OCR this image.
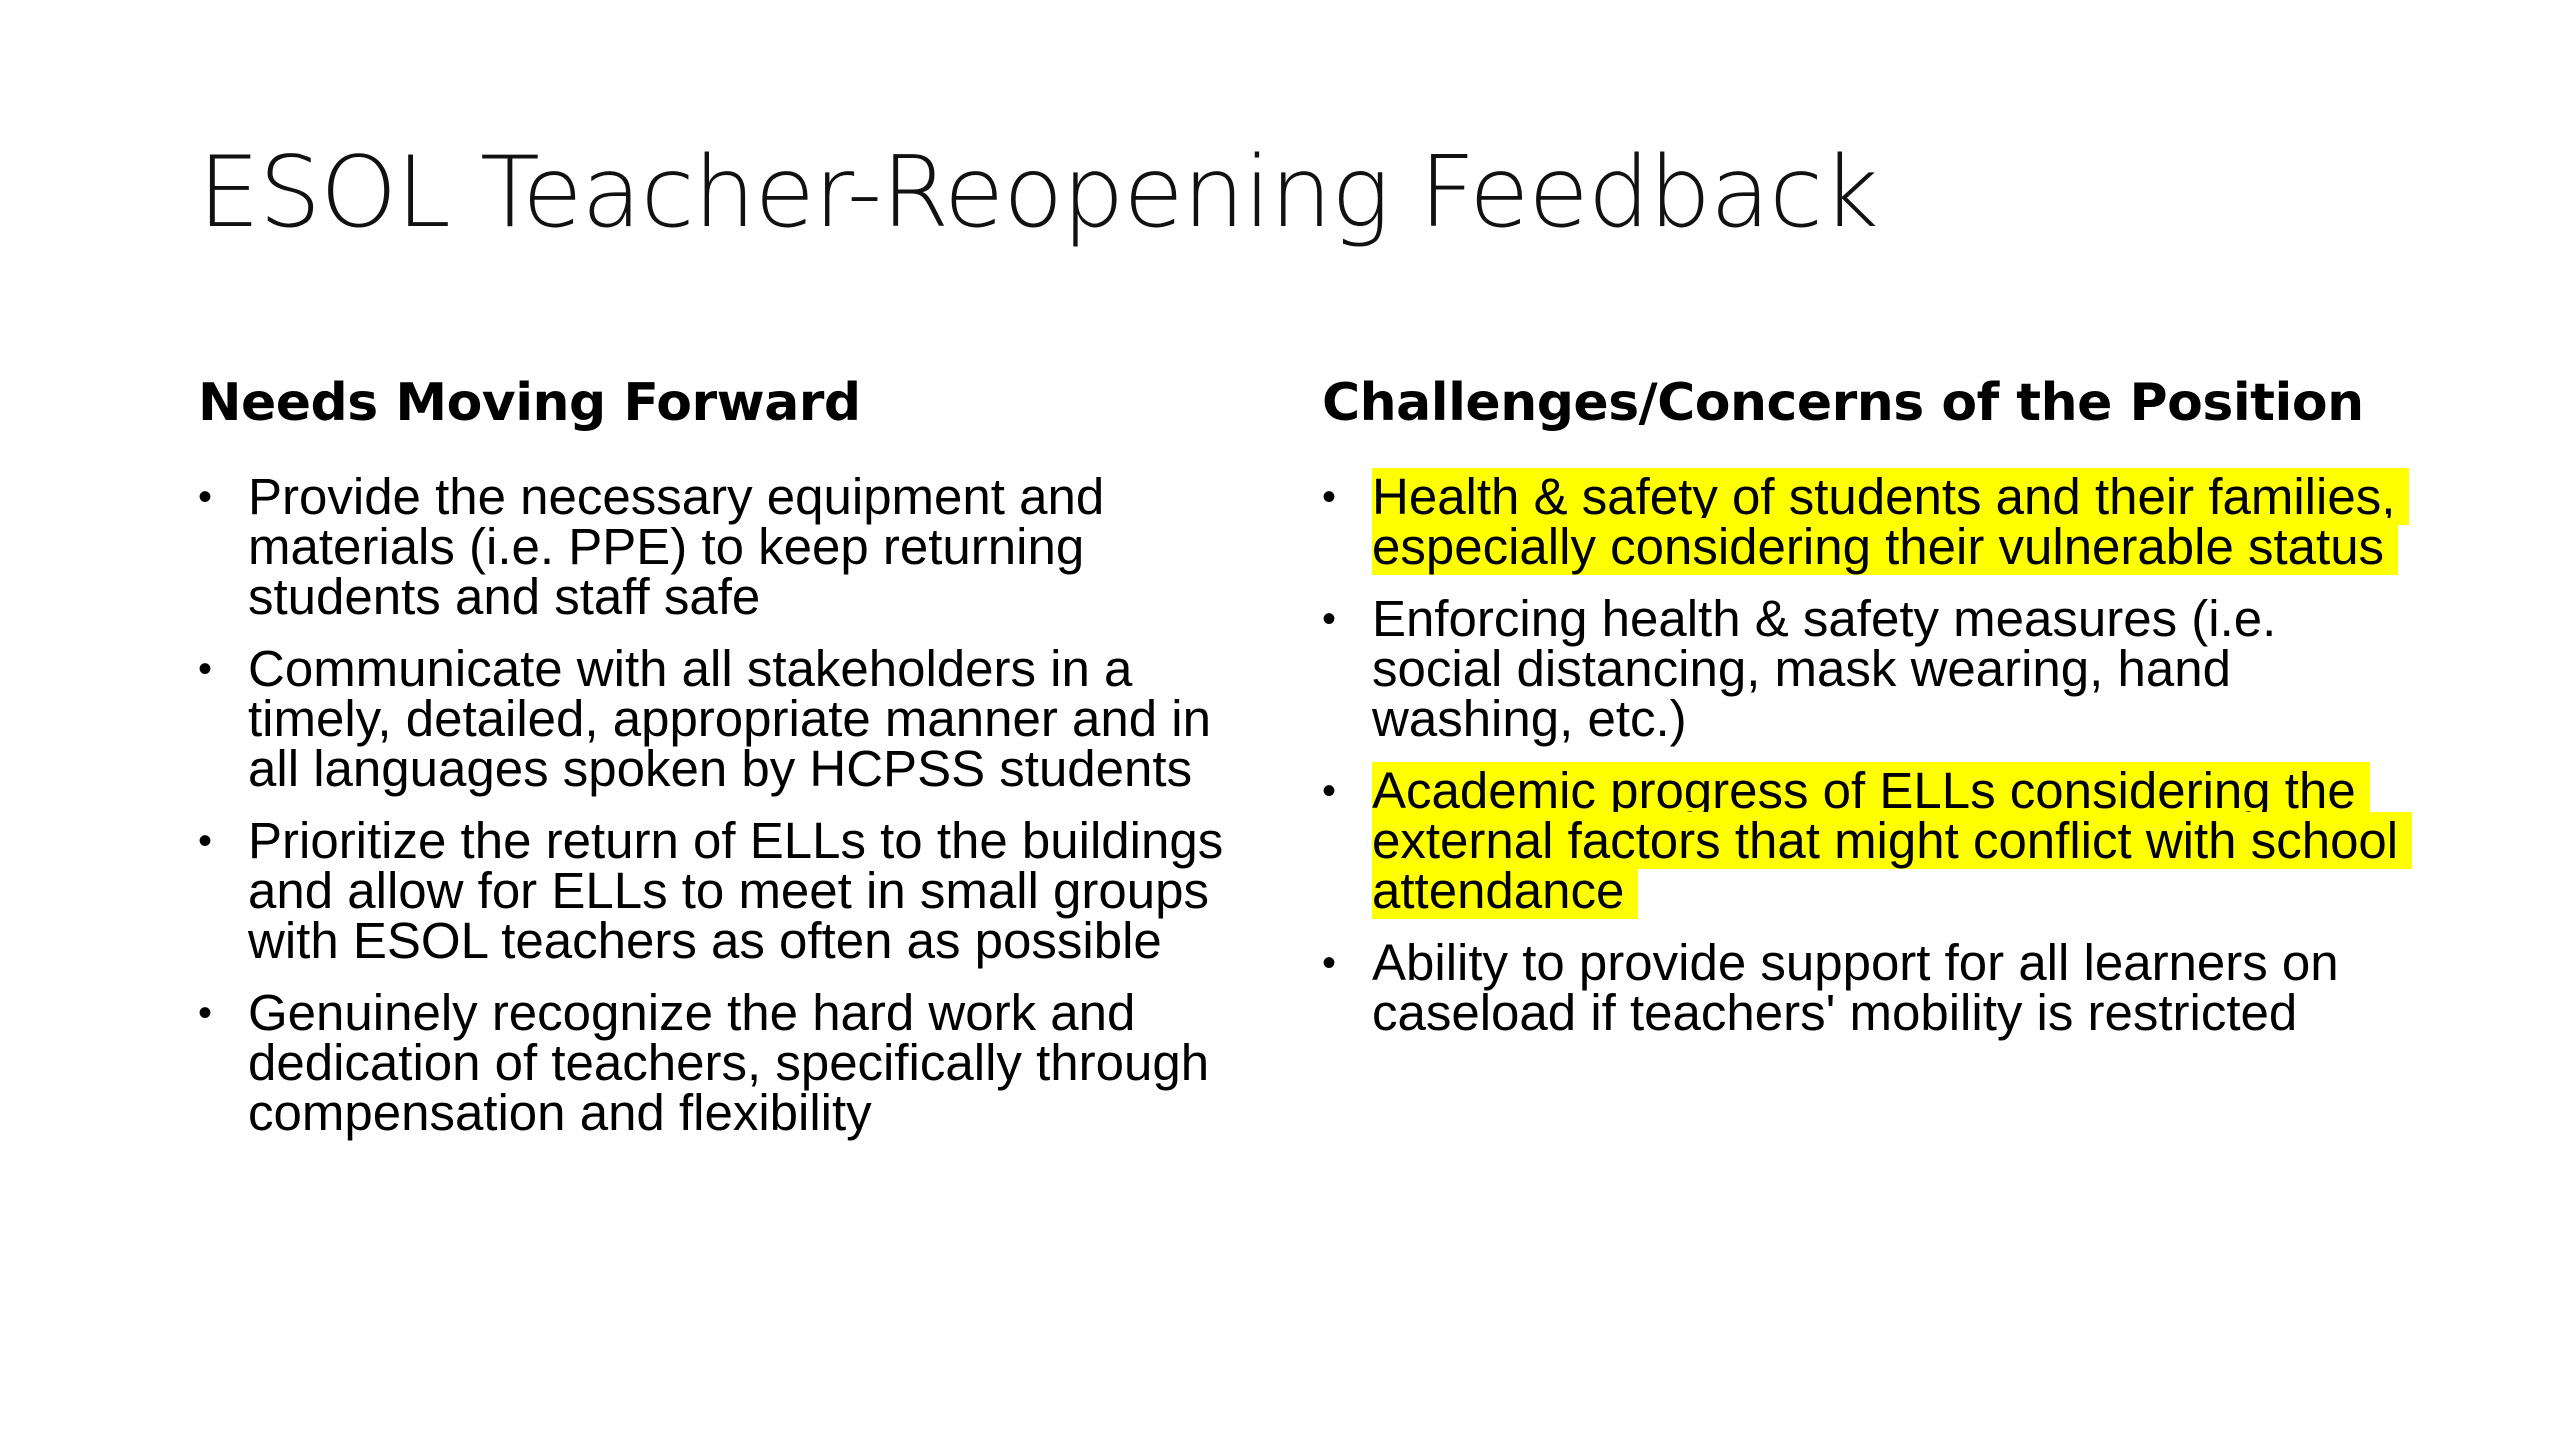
ESOL Teacher-Reopening Feedback
Needs Moving Forward
• Provide the necessary equipment and materials (i.e. PPE) to keep returning students and staff safe
• Communicate with all stakeholders in a timely, detailed, appropriate manner and in all languages spoken by HCPSS students
• Prioritize the return of ELLs to the buildings and allow for ELLs to meet in small groups with ESOL teachers as often as possible
• Genuinely recognize the hard work and dedication of teachers, specifically through compensation and flexibility
Challenges/Concerns of the Position
• Health & safety of students and their families, especially considering their vulnerable status
• Enforcing health & safety measures (i.e. social distancing, mask wearing, hand washing, etc.)
• Academic progress of ELLs considering the external factors that might conflict with school attendance
• Ability to provide support for all learners on caseload if teachers' mobility is restricted
